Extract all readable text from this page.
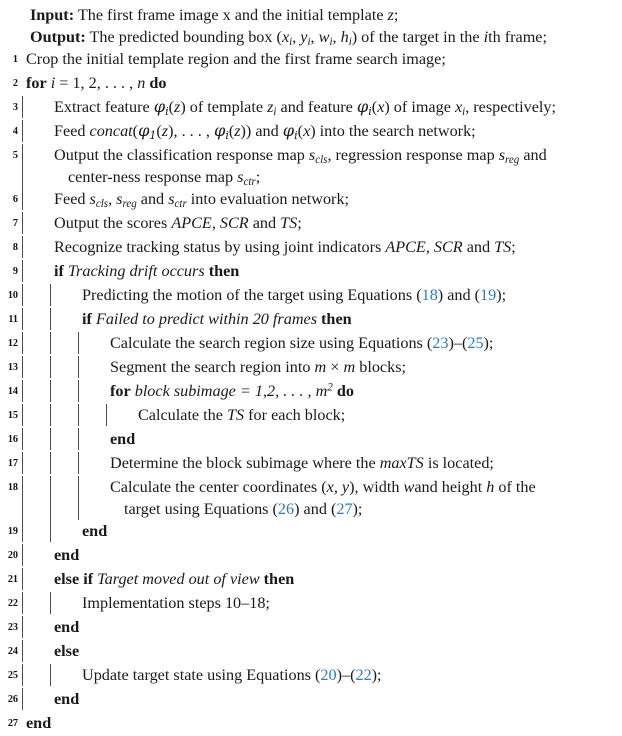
Input: The first frame image x and the initial template z;
Output: The predicted bounding box ($x_i$, $y_i$, $w_i$, $h_i$) of the target in the ith frame;
1 Crop the initial template region and the first frame search image;
2 for i = 1, 2, . . . , n do
3 Extract feature $\varphi_i(z)$ of template $z_i$ and feature $\varphi_i(x)$ of image $x_i$, respectively;
4 Feed $concat(\varphi_1(z)$, . . . , $\varphi_i(z)$) and $\varphi_i(x)$ into the search network;
5 Output the classification response map $s_{cls}$, regression response map $s_{reg}$ and
center-ness response map $s_{ctr}$;
6 Feed $s_{cls}$, $s_{reg}$ and $s_{ctr}$ into evaluation network;
7 Output the scores APCE, SCR and TS;
8 Recognize tracking status by using joint indicators APCE, SCR and TS;
9 if Tracking drift occurs then
10	Predicting the motion of the target using Equations (18) and (19);
11	if Failed to predict within 20 frames then
12	Calculate the search region size using Equations (23)–(25);
13	Segment the search region into m × m blocks;
14	for block subimage = 1,2, . . . , $m^2$ do
15	Calculate the TS for each block;
16	end
17	Determine the block subimage where the maxTS is located;
18	Calculate the center coordinates (x, y), width wand height h of the
target using Equations (26) and (27);
19	end
20 end
21 else if Target moved out of view then
22	Implementation steps 10–18;
23 end
24 else
25	Update target state using Equations (20)–(22);
26 end
27 end
